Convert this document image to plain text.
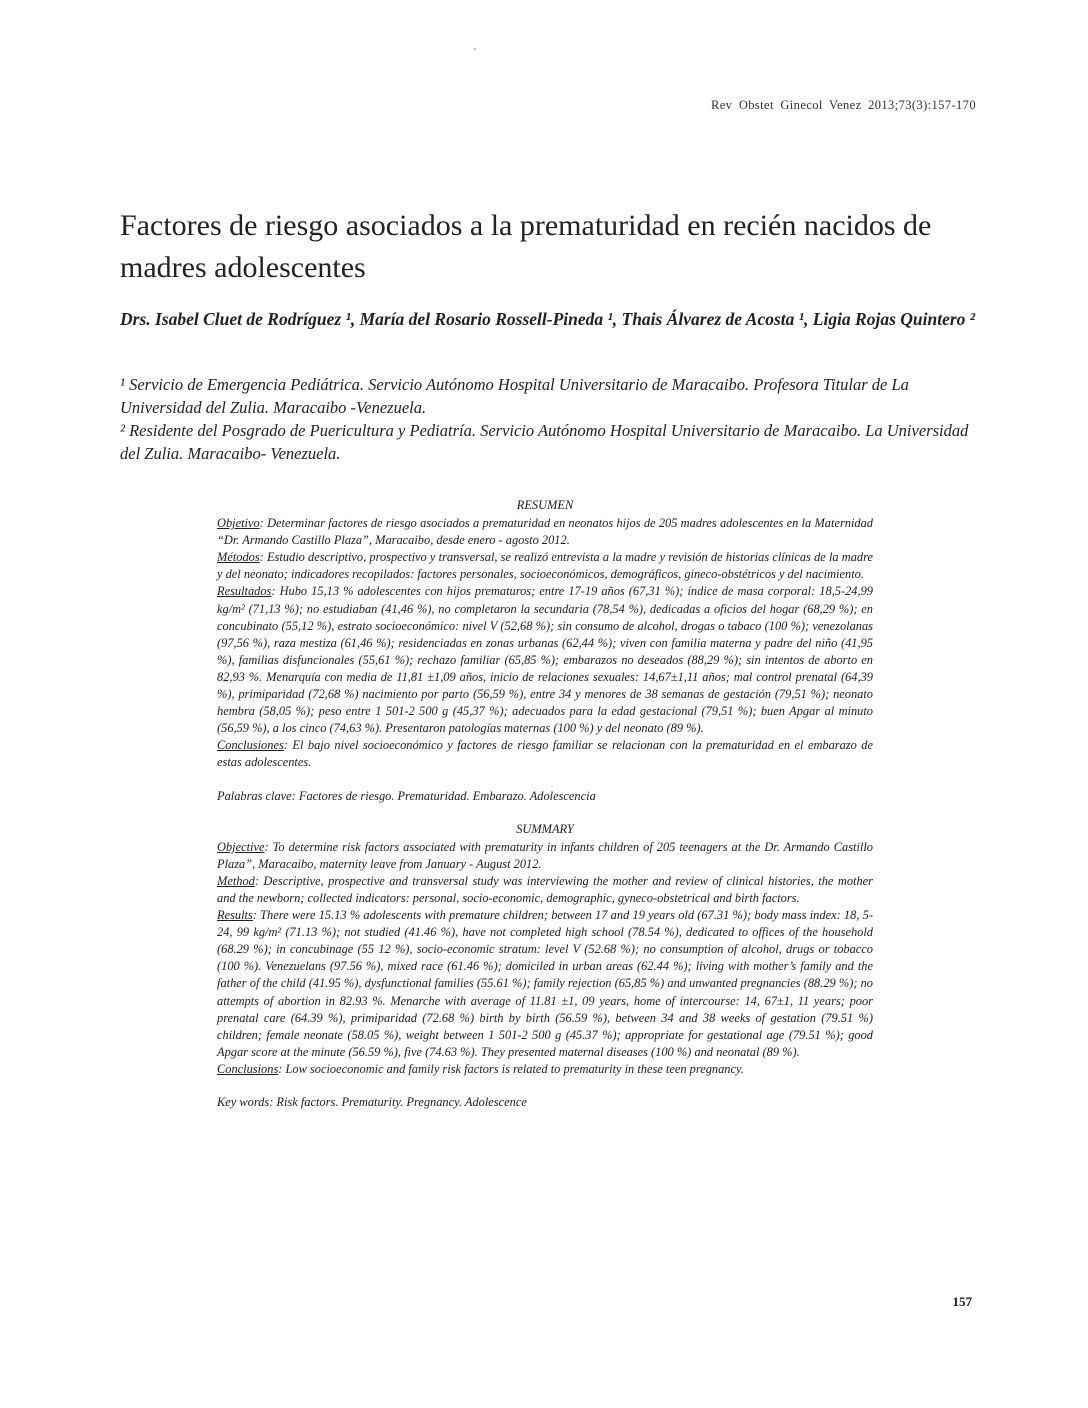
Rev Obstet Ginecol Venez 2013;73(3):157-170
Factores de riesgo asociados a la prematuridad en recién nacidos de madres adolescentes

Drs. Isabel Cluet de Rodríguez ¹, María del Rosario Rossell-Pineda ¹, Thais Álvarez de Acosta ¹, Ligia Rojas Quintero ²

¹ Servicio de Emergencia Pediátrica. Servicio Autónomo Hospital Universitario de Maracaibo. Profesora Titular de La Universidad del Zulia. Maracaibo -Venezuela.

² Residente del Posgrado de Puericultura y Pediatría. Servicio Autónomo Hospital Universitario de Maracaibo. La Universidad del Zulia. Maracaibo- Venezuela.

RESUMEN

Objetivo: Determinar factores de riesgo asociados a prematuridad en neonatos hijos de 205 madres adolescentes en la Maternidad “Dr. Armando Castillo Plaza”, Maracaibo, desde enero - agosto 2012.

Métodos: Estudio descriptivo, prospectivo y transversal, se realizó entrevista a la madre y revisión de historias clínicas de la madre y del neonato; indicadores recopilados: factores personales, socioeconómicos, demográficos, gineco-obstétricos y del nacimiento.

Resultados: Hubo 15,13 % adolescentes con hijos prematuros; entre 17-19 años (67,31 %); índice de masa corporal: 18,5-24,99 kg/m² (71,13 %); no estudiaban (41,46 %), no completaron la secundaria (78,54 %), dedicadas a oficios del hogar (68,29 %); en concubinato (55,12 %), estrato socioeconómico: nivel V (52,68 %); sin consumo de alcohol, drogas o tabaco (100 %); venezolanas (97,56 %), raza mestiza (61,46 %); residenciadas en zonas urbanas (62,44 %); viven con familia materna y padre del niño (41,95 %), familias disfuncionales (55,61 %); rechazo familiar (65,85 %); embarazos no deseados (88,29 %); sin intentos de aborto en 82,93 %. Menarquía con media de 11,81 ±1,09 años, inicio de relaciones sexuales: 14,67±1,11 años; mal control prenatal (64,39 %), primiparidad (72,68 %) nacimiento por parto (56,59 %), entre 34 y menores de 38 semanas de gestación (79,51 %); neonato hembra (58,05 %); peso entre 1 501-2 500 g (45,37 %); adecuados para la edad gestacional (79,51 %); buen Apgar al minuto (56,59 %), a los cinco (74,63 %). Presentaron patologías maternas (100 %) y del neonato (89 %).

Conclusiones: El bajo nivel socioeconómico y factores de riesgo familiar se relacionan con la prematuridad en el embarazo de estas adolescentes.

Palabras clave: Factores de riesgo. Prematuridad. Embarazo. Adolescencia

SUMMARY

Objective: To determine risk factors associated with prematurity in infants children of 205 teenagers at the Dr. Armando Castillo Plaza”, Maracaibo, maternity leave from January - August 2012.

Method: Descriptive, prospective and transversal study was interviewing the mother and review of clinical histories, the mother and the newborn; collected indicators: personal, socio-economic, demographic, gyneco-obstetrical and birth factors.

Results: There were 15.13 % adolescents with premature children; between 17 and 19 years old (67.31 %); body mass index: 18, 5-24, 99 kg/m² (71.13 %); not studied (41.46 %), have not completed high school (78.54 %), dedicated to offices of the household (68.29 %); in concubinage (55 12 %), socio-economic stratum: level V (52.68 %); no consumption of alcohol, drugs or tobacco (100 %). Venezuelans (97.56 %), mixed race (61.46 %); domiciled in urban areas (62.44 %); living with mother’s family and the father of the child (41.95 %), dysfunctional families (55.61 %); family rejection (65,85 %) and unwanted pregnancies (88.29 %); no attempts of abortion in 82.93 %. Menarche with average of 11.81 ±1, 09 years, home of intercourse: 14, 67±1, 11 years; poor prenatal care (64.39 %), primiparidad (72.68 %) birth by birth (56.59 %), between 34 and 38 weeks of gestation (79.51 %) children; female neonate (58.05 %), weight between 1 501-2 500 g (45.37 %); appropriate for gestational age (79.51 %); good Apgar score at the minute (56.59 %), five (74.63 %). They presented maternal diseases (100 %) and neonatal (89 %).

Conclusions: Low socioeconomic and family risk factors is related to prematurity in these teen pregnancy.

Key words: Risk factors. Prematurity. Pregnancy. Adolescence

157
